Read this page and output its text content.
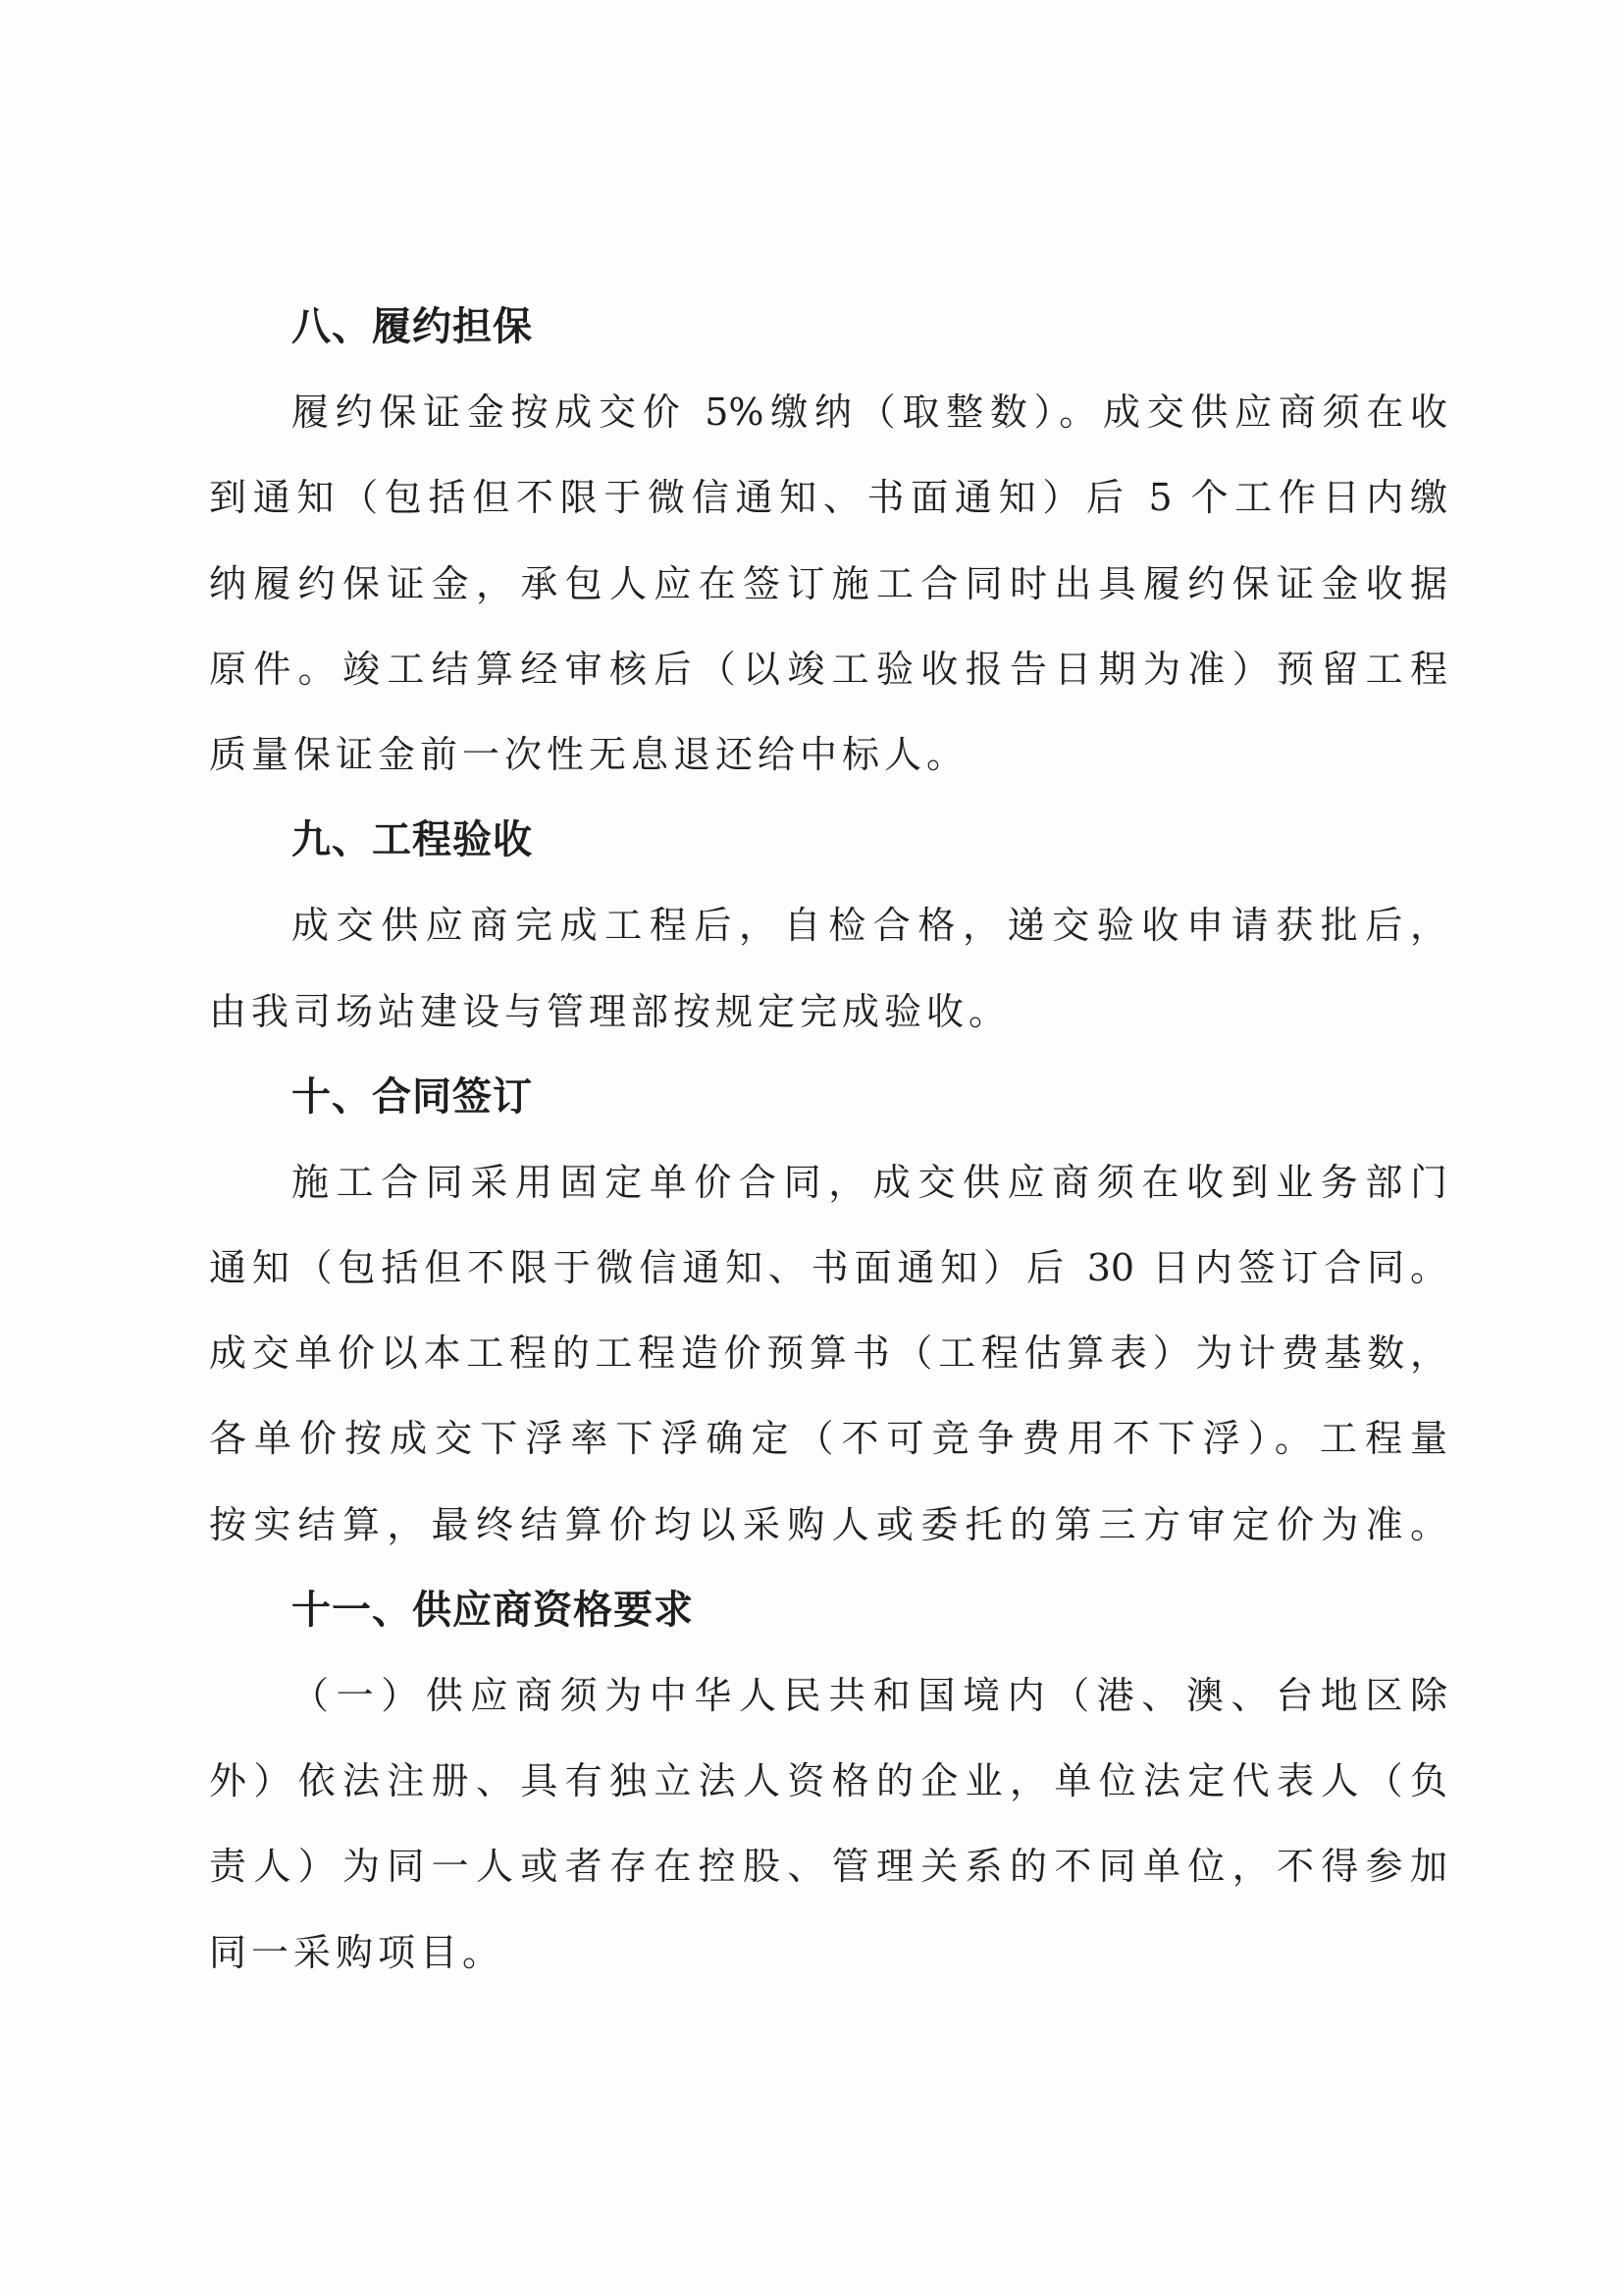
八、履约担保
履约保证金按成交价 5%缴纳（取整数）。成交供应商须在收
到通知（包括但不限于微信通知、书面通知）后 5 个工作日内缴
纳履约保证金，承包人应在签订施工合同时出具履约保证金收据
原件。竣工结算经审核后（以竣工验收报告日期为准）预留工程
质量保证金前一次性无息退还给中标人。
九、工程验收
成交供应商完成工程后，自检合格，递交验收申请获批后，
由我司场站建设与管理部按规定完成验收。
十、合同签订
施工合同采用固定单价合同，成交供应商须在收到业务部门
通知（包括但不限于微信通知、书面通知）后 30 日内签订合同。
成交单价以本工程的工程造价预算书（工程估算表）为计费基数，
各单价按成交下浮率下浮确定（不可竞争费用不下浮）。工程量
按实结算，最终结算价均以采购人或委托的第三方审定价为准。
十一、供应商资格要求
（一）供应商须为中华人民共和国境内（港、澳、台地区除
外）依法注册、具有独立法人资格的企业，单位法定代表人（负
责人）为同一人或者存在控股、管理关系的不同单位，不得参加
同一采购项目。
